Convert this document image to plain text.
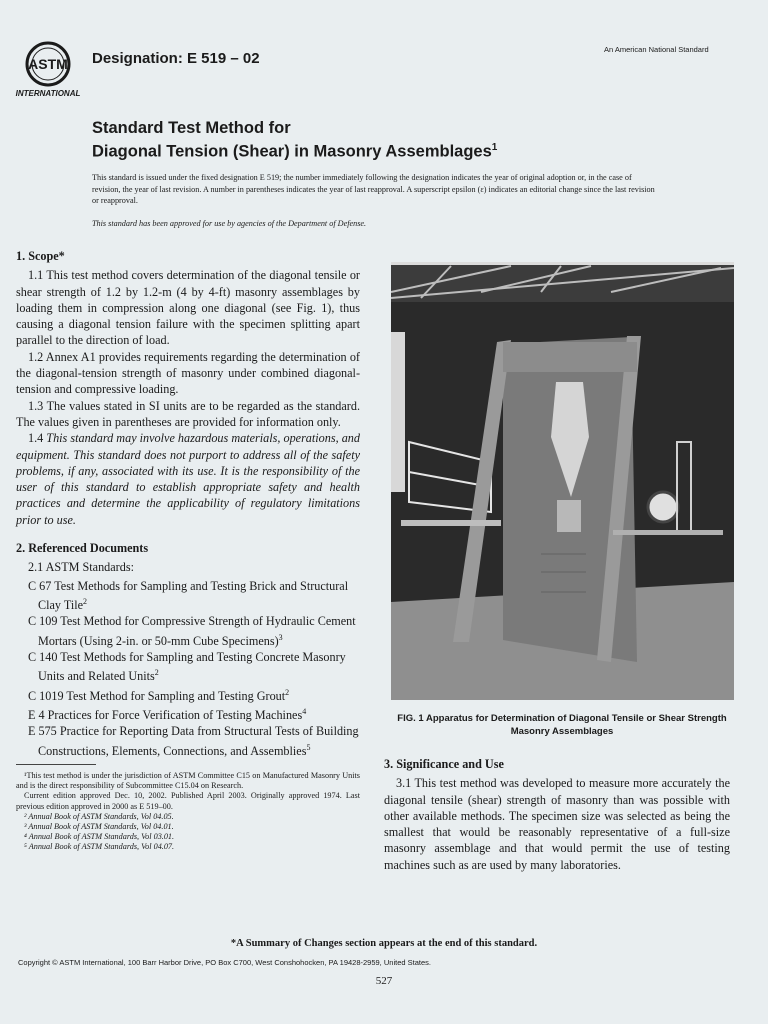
ASTM
INTERNATIONAL
Designation: E 519 – 02
An American National Standard
Standard Test Method for
Diagonal Tension (Shear) in Masonry Assemblages$^1$
This standard is issued under the fixed designation E 519; the number immediately following the designation indicates the year of original adoption or, in the case of revision, the year of last revision. A number in parentheses indicates the year of last reapproval. A superscript epsilon (ε) indicates an editorial change since the last revision or reapproval.
This standard has been approved for use by agencies of the Department of Defense.
1. Scope*

1.1 This test method covers determination of the diagonal tensile or shear strength of 1.2 by 1.2-m (4 by 4-ft) masonry assemblages by loading them in compression along one diagonal (see Fig. 1), thus causing a diagonal tension failure with the specimen splitting apart parallel to the direction of load.

1.2 Annex A1 provides requirements regarding the determination of the diagonal-tension strength of masonry under combined diagonal-tension and compressive loading.

1.3 The values stated in SI units are to be regarded as the standard. The values given in parentheses are provided for information only.

1.4 This standard may involve hazardous materials, operations, and equipment. This standard does not purport to address all of the safety problems, if any, associated with its use. It is the responsibility of the user of this standard to establish appropriate safety and health practices and determine the applicability of regulatory limitations prior to use.

2. Referenced Documents

2.1 ASTM Standards:

C 67 Test Methods for Sampling and Testing Brick and Structural Clay Tile$^2$

C 109 Test Method for Compressive Strength of Hydraulic Cement Mortars (Using 2-in. or 50-mm Cube Specimens)$^3$

C 140 Test Methods for Sampling and Testing Concrete Masonry Units and Related Units$^2$

C 1019 Test Method for Sampling and Testing Grout$^2$

E 4 Practices for Force Verification of Testing Machines$^4$

E 575 Practice for Reporting Data from Structural Tests of Building Constructions, Elements, Connections, and Assemblies$^5$

¹This test method is under the jurisdiction of ASTM Committee C15 on Manufactured Masonry Units and is the direct responsibility of Subcommittee C15.04 on Research.

Current edition approved Dec. 10, 2002. Published April 2003. Originally approved 1974. Last previous edition approved in 2000 as E 519–00.

² Annual Book of ASTM Standards, Vol 04.05.

³ Annual Book of ASTM Standards, Vol 04.01.

⁴ Annual Book of ASTM Standards, Vol 03.01.

⁵ Annual Book of ASTM Standards, Vol 04.07.

FIG. 1 Apparatus for Determination of Diagonal Tensile or Shear Strength Masonry Assemblages
3. Significance and Use

3.1 This test method was developed to measure more accurately the diagonal tensile (shear) strength of masonry than was possible with other available methods. The specimen size was selected as being the smallest that would be reasonably representative of a full-size masonry assemblage and that would permit the use of testing machines such as are used by many laboratories.

*A Summary of Changes section appears at the end of this standard.
Copyright © ASTM International, 100 Barr Harbor Drive, PO Box C700, West Conshohocken, PA 19428-2959, United States.
527
